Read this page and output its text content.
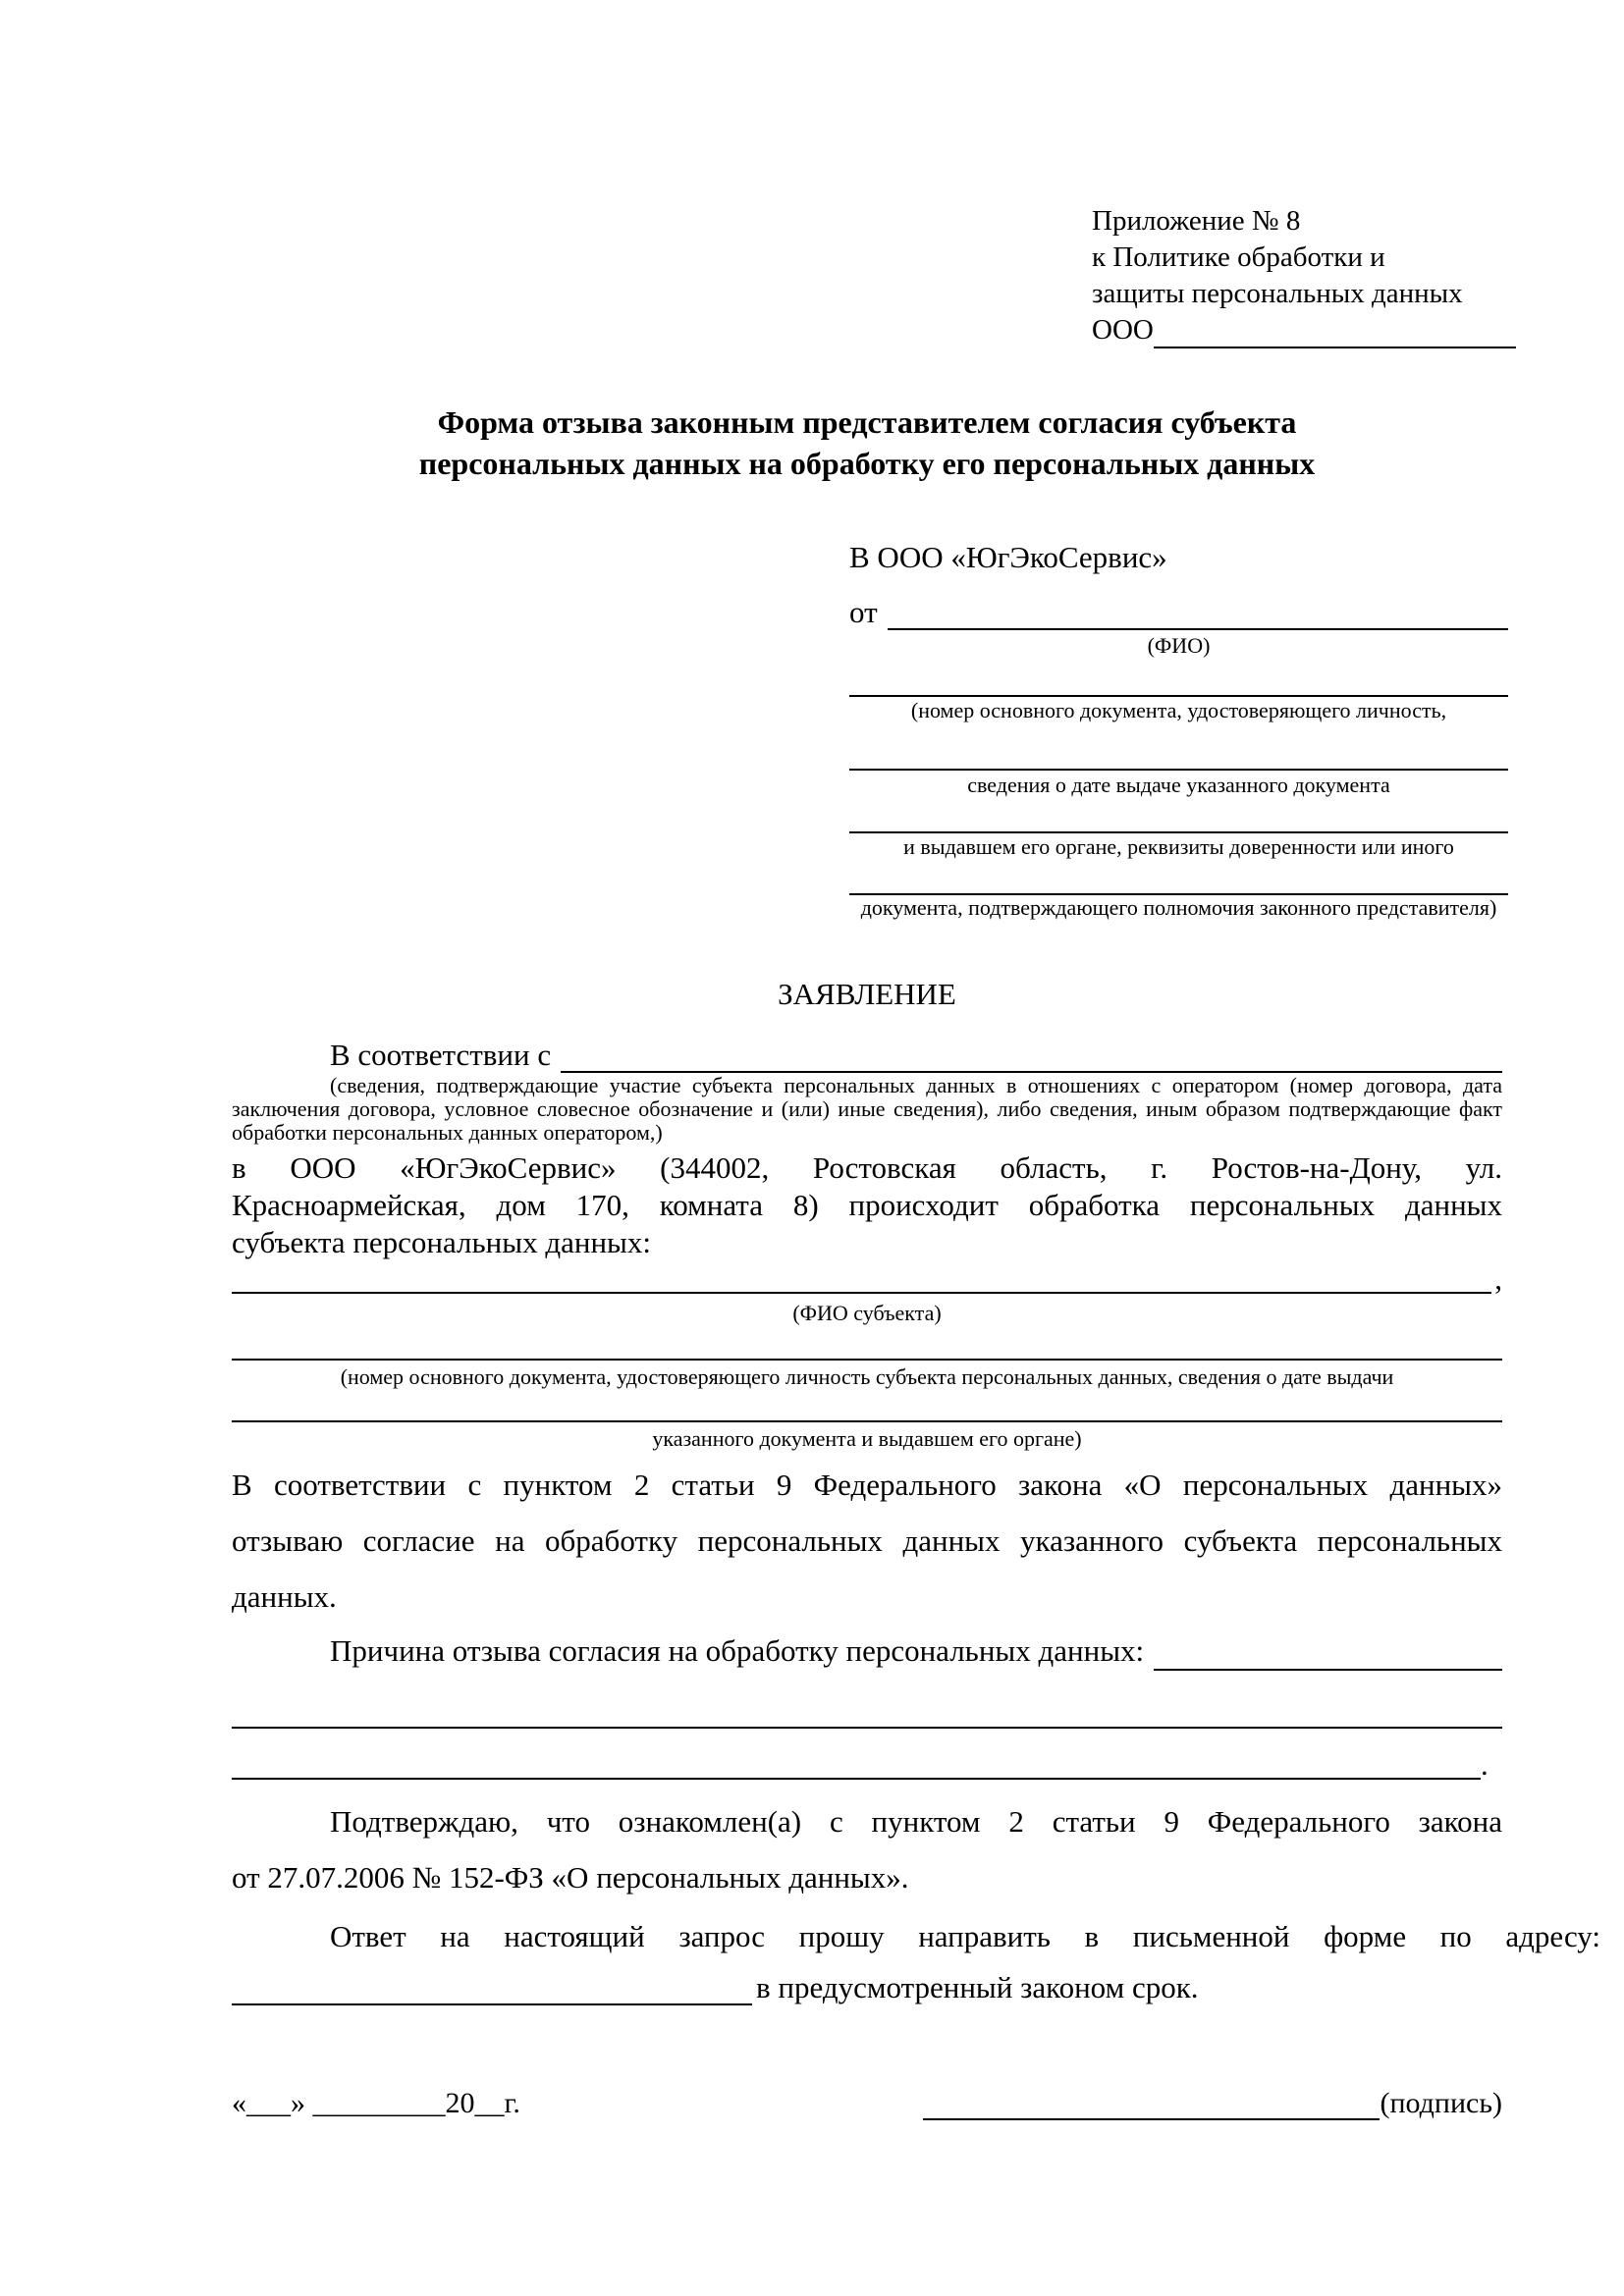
Приложение № 8
к Политике обработки и
защиты персональных данных
ООО
Форма отзыва законным представителем согласия субъекта
персональных данных на обработку его персональных данных
В ООО «ЮгЭкоСервис»
от
(ФИО)
(номер основного документа, удостоверяющего личность,
сведения о дате выдаче указанного документа
и выдавшем его органе, реквизиты доверенности или иного
документа, подтверждающего полномочия законного представителя)
ЗАЯВЛЕНИЕ
В соответствии с
(сведения, подтверждающие участие субъекта персональных данных в отношениях с оператором (номер договора, дата
заключения договора, условное словесное обозначение и (или) иные сведения), либо сведения, иным образом подтверждающие факт
обработки персональных данных оператором,)
в ООО «ЮгЭкоСервис» (344002, Ростовская область, г. Ростов-на-Дону, ул.
Красноармейская, дом 170, комната 8) происходит обработка персональных данных
субъекта персональных данных:
,
(ФИО субъекта)
(номер основного документа, удостоверяющего личность субъекта персональных данных, сведения о дате выдачи
указанного документа и выдавшем его органе)
В соответствии с пунктом 2 статьи 9 Федерального закона «О персональных данных»
отзываю согласие на обработку персональных данных указанного субъекта персональных
данных.
Причина отзыва согласия на обработку персональных данных:
.
Подтверждаю, что ознакомлен(а) с пунктом 2 статьи 9 Федерального закона
от 27.07.2006 № 152-ФЗ «О персональных данных».
Ответ на настоящий запрос прошу направить в письменной форме по адресу:
в предусмотренный законом срок.
«___» _________20__г.	(подпись)
